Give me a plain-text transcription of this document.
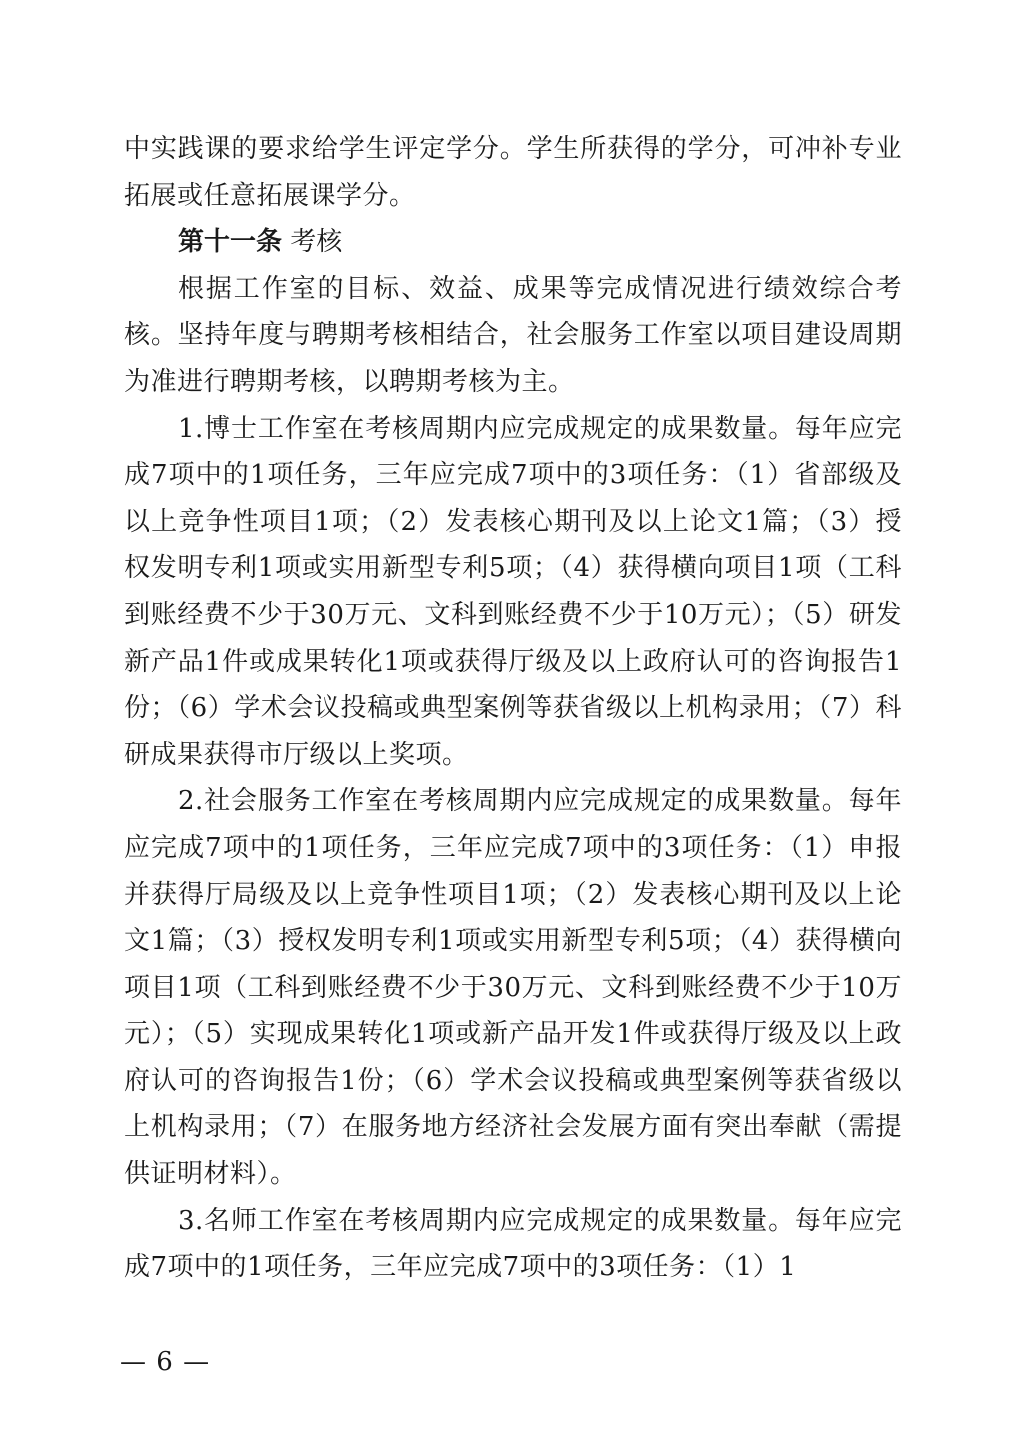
中实践课的要求给学生评定学分。学生所获得的学分，可冲补专业拓展或任意拓展课学分。

第十一条 考核

根据工作室的目标、效益、成果等完成情况进行绩效综合考核。坚持年度与聘期考核相结合，社会服务工作室以项目建设周期为准进行聘期考核，以聘期考核为主。

1.博士工作室在考核周期内应完成规定的成果数量。每年应完成7项中的1项任务，三年应完成7项中的3项任务：（1）省部级及以上竞争性项目1项；（2）发表核心期刊及以上论文1篇；（3）授权发明专利1项或实用新型专利5项；（4）获得横向项目1项（工科到账经费不少于30万元、文科到账经费不少于10万元）；（5）研发新产品1件或成果转化1项或获得厅级及以上政府认可的咨询报告1份；（6）学术会议投稿或典型案例等获省级以上机构录用；（7）科研成果获得市厅级以上奖项。

2.社会服务工作室在考核周期内应完成规定的成果数量。每年应完成7项中的1项任务，三年应完成7项中的3项任务：（1）申报并获得厅局级及以上竞争性项目1项；（2）发表核心期刊及以上论文1篇；（3）授权发明专利1项或实用新型专利5项；（4）获得横向项目1项（工科到账经费不少于30万元、文科到账经费不少于10万元）；（5）实现成果转化1项或新产品开发1件或获得厅级及以上政府认可的咨询报告1份；（6）学术会议投稿或典型案例等获省级以上机构录用；（7）在服务地方经济社会发展方面有突出奉献（需提供证明材料）。

3.名师工作室在考核周期内应完成规定的成果数量。每年应完成7项中的1项任务，三年应完成7项中的3项任务：（1）1

— 6 —
